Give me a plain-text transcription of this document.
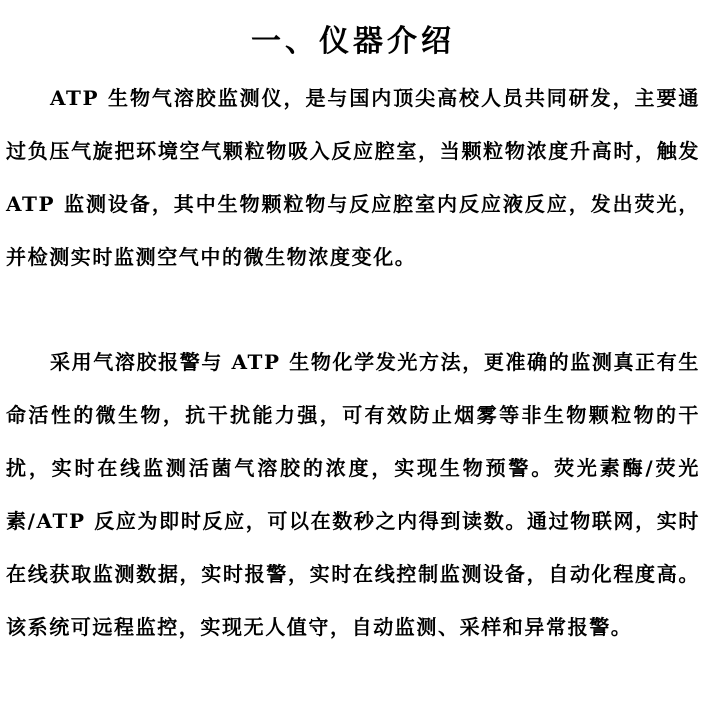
一、仪器介绍

ATP 生物气溶胶监测仪，是与国内顶尖高校人员共同研发，主要通过负压气旋把环境空气颗粒物吸入反应腔室，当颗粒物浓度升高时，触发 ATP 监测设备，其中生物颗粒物与反应腔室内反应液反应，发出荧光，并检测实时监测空气中的微生物浓度变化。

采用气溶胶报警与 ATP 生物化学发光方法，更准确的监测真正有生命活性的微生物，抗干扰能力强，可有效防止烟雾等非生物颗粒物的干扰，实时在线监测活菌气溶胶的浓度，实现生物预警。荧光素酶/荧光素/ATP 反应为即时反应，可以在数秒之内得到读数。通过物联网，实时在线获取监测数据，实时报警，实时在线控制监测设备，自动化程度高。该系统可远程监控，实现无人值守，自动监测、采样和异常报警。
